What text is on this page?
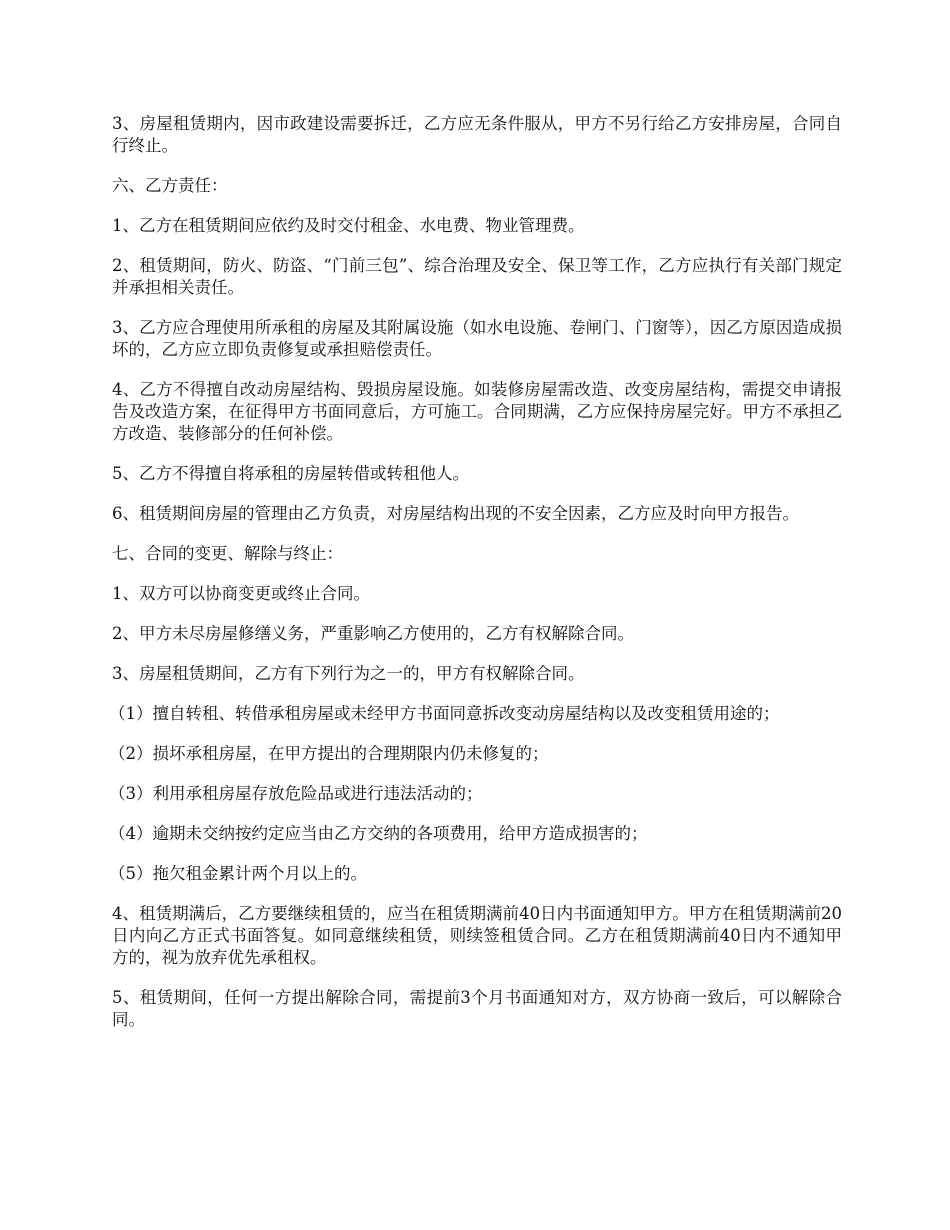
3、房屋租赁期内，因市政建设需要拆迁，乙方应无条件服从，甲方不另行给乙方安排房屋，合同自行终止。

六、乙方责任：

1、乙方在租赁期间应依约及时交付租金、水电费、物业管理费。

2、租赁期间，防火、防盗、“门前三包”、综合治理及安全、保卫等工作，乙方应执行有关部门规定并承担相关责任。

3、乙方应合理使用所承租的房屋及其附属设施（如水电设施、卷闸门、门窗等），因乙方原因造成损坏的，乙方应立即负责修复或承担赔偿责任。

4、乙方不得擅自改动房屋结构、毁损房屋设施。如装修房屋需改造、改变房屋结构，需提交申请报告及改造方案，在征得甲方书面同意后，方可施工。合同期满，乙方应保持房屋完好。甲方不承担乙方改造、装修部分的任何补偿。

5、乙方不得擅自将承租的房屋转借或转租他人。

6、租赁期间房屋的管理由乙方负责，对房屋结构出现的不安全因素，乙方应及时向甲方报告。

七、合同的变更、解除与终止：

1、双方可以协商变更或终止合同。

2、甲方未尽房屋修缮义务，严重影响乙方使用的，乙方有权解除合同。

3、房屋租赁期间，乙方有下列行为之一的，甲方有权解除合同。

（1）擅自转租、转借承租房屋或未经甲方书面同意拆改变动房屋结构以及改变租赁用途的；

（2）损坏承租房屋，在甲方提出的合理期限内仍未修复的；

（3）利用承租房屋存放危险品或进行违法活动的；

（4）逾期未交纳按约定应当由乙方交纳的各项费用，给甲方造成损害的；

（5）拖欠租金累计两个月以上的。

4、租赁期满后，乙方要继续租赁的，应当在租赁期满前40日内书面通知甲方。甲方在租赁期满前20日内向乙方正式书面答复。如同意继续租赁，则续签租赁合同。乙方在租赁期满前40日内不通知甲方的，视为放弃优先承租权。

5、租赁期间，任何一方提出解除合同，需提前3个月书面通知对方，双方协商一致后，可以解除合同。
